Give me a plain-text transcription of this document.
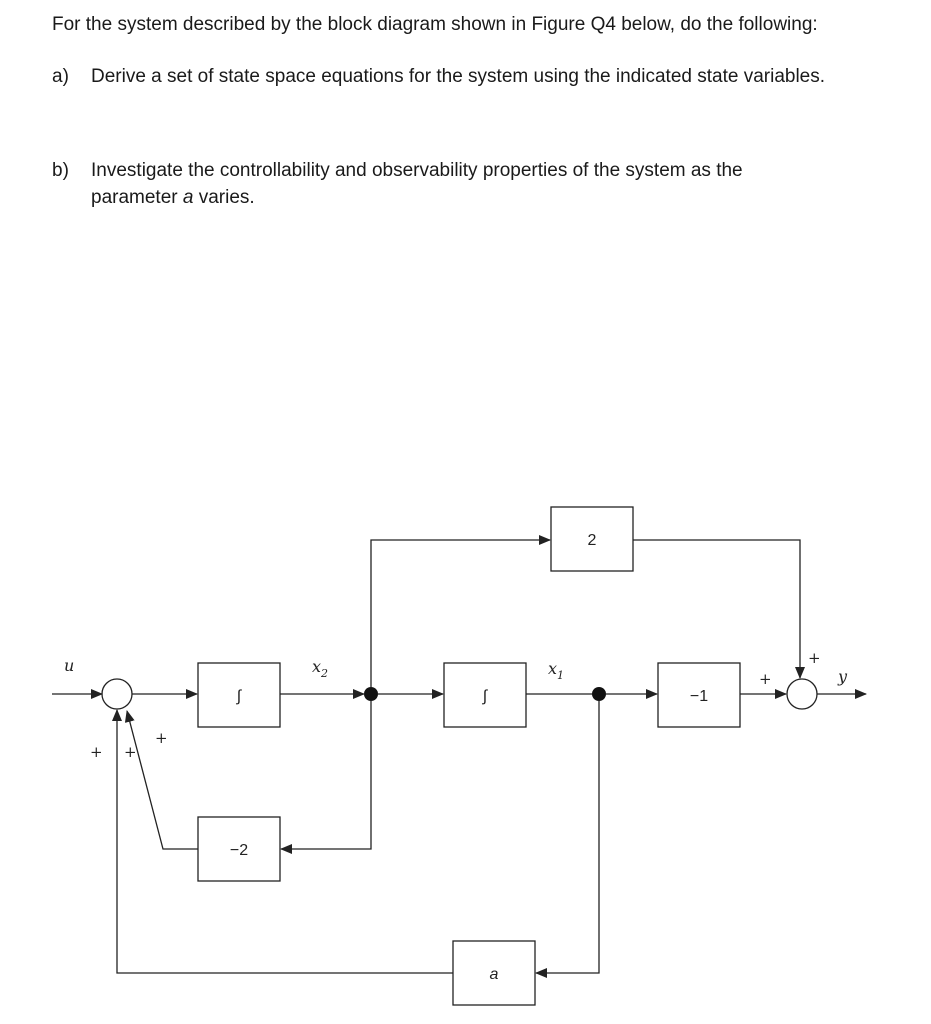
For the system described by the block diagram shown in Figure Q4 below, do the following:
a) Derive a set of state space equations for the system using the indicated state variables.
b) Investigate the controllability and observability properties of the system as the
parameter a varies.
2
∫	∫	−1
−2
a
u
y
$x_2$	$x_1$
+ +
+
+
+
